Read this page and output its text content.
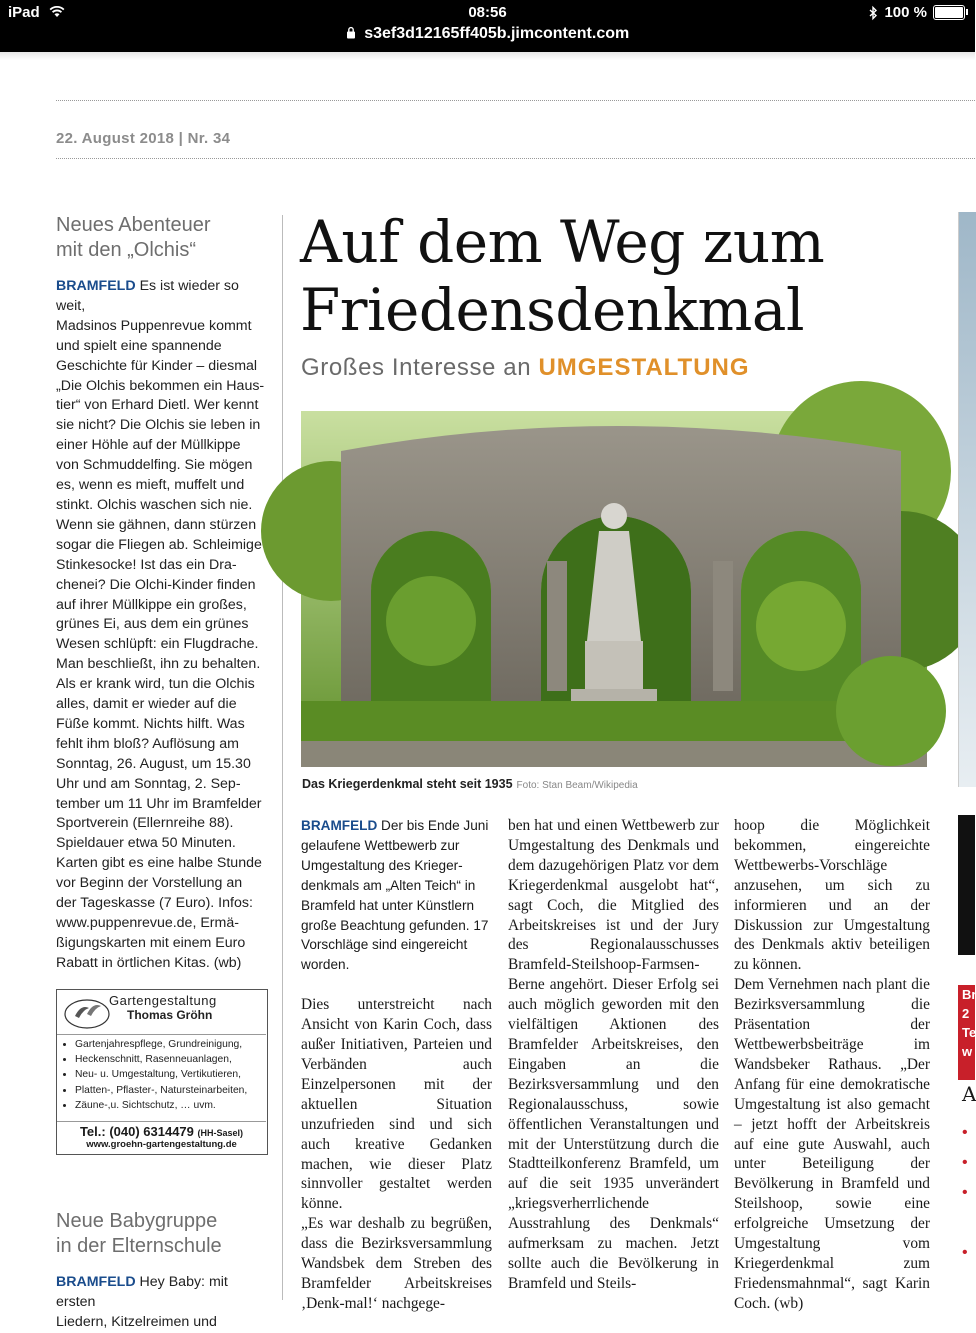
iPad	08:56	100 %
s3ef3d12165ff405b.jimcontent.com
22. August 2018 | Nr. 34
Neues Abenteuer
mit den „Olchis“
BRAMFELD Es ist wieder so weit,
Madsinos Puppenrevue kommt
und spielt eine spannende
Geschichte für Kinder – diesmal
„Die Olchis bekommen ein Haus-
tier“ von Erhard Dietl. Wer kennt
sie nicht? Die Olchis sie leben in
einer Höhle auf der Müllkippe
von Schmuddelfing. Sie mögen
es, wenn es mieft, muffelt und
stinkt. Olchis waschen sich nie.
Wenn sie gähnen, dann stürzen
sogar die Fliegen ab. Schleimige
Stinkesocke! Ist das ein Dra-
chenei? Die Olchi-Kinder finden
auf ihrer Müllkippe ein großes,
grünes Ei, aus dem ein grünes
Wesen schlüpft: ein Flugdrache.
Man beschließt, ihn zu behalten.
Als er krank wird, tun die Olchis
alles, damit er wieder auf die
Füße kommt. Nichts hilft. Was
fehlt ihm bloß? Auflösung am
Sonntag, 26. August, um 15.30
Uhr und am Sonntag, 2. Sep-
tember um 11 Uhr im Bramfelder
Sportverein (Ellernreihe 88).
Spieldauer etwa 50 Minuten.
Karten gibt es eine halbe Stunde
vor Beginn der Vorstellung an
der Tageskasse (7 Euro). Infos:
www.puppenrevue.de, Ermä-
ßigungskarten mit einem Euro
Rabatt in örtlichen Kitas. (wb)

Gartengestaltung
Thomas Gröhn
• Gartenjahrespflege, Grundreinigung,
• Heckenschnitt, Rasenneuanlagen,
• Neu- u. Umgestaltung, Vertikutieren,
• Platten-, Pflaster-, Natursteinarbeiten,
• Zäune-,u. Sichtschutz, … uvm.
Tel.: (040) 6314479 (HH-Sasel)
www.groehn-gartengestaltung.de
Neue Babygruppe
in der Elternschule
BRAMFELD Hey Baby: mit ersten
Liedern, Kitzelreimen und
Auf dem Weg zum
Friedensdenkmal
Großes Interesse an UMGESTALTUNG
Das Kriegerdenkmal steht seit 1935 Foto: Stan Beam/Wikipedia

BRAMFELD Der bis Ende Juni gelaufene Wettbewerb zur Umgestaltung des Krieger-denkmals am „Alten Teich“ in Bramfeld hat unter Künstlern große Beachtung gefunden. 17 Vorschläge sind eingereicht worden.

Dies unterstreicht nach Ansicht von Karin Coch, dass außer Initiativen, Parteien und Verbänden auch Einzelpersonen mit der aktuellen Situation unzufrieden sind und sich auch kreative Gedanken machen, wie dieser Platz sinnvoller gestaltet werden könne.

„Es war deshalb zu begrüßen, dass die Bezirksversammlung Wandsbek dem Streben des Bramfelder Arbeitskreises ‚Denk-mal!‘ nachgege-

ben hat und einen Wettbewerb zur Umgestaltung des Denkmals und dem dazugehörigen Platz vor dem Kriegerdenkmal ausgelobt hat“, sagt Coch, die Mitglied des Arbeitskreises ist und der Jury des Regionalausschusses Bramfeld-Steilshoop-Farmsen-Berne angehört. Dieser Erfolg sei auch möglich geworden mit den vielfältigen Aktionen des Bramfelder Arbeitskreises, den Eingaben an die Bezirksversammlung und den Regionalausschuss, sowie öffentlichen Veranstaltungen und mit der Unterstützung durch die Stadtteilkonferenz Bramfeld, um auf die seit 1935 unverändert „kriegsverherrlichende Ausstrahlung des Denkmals“ aufmerksam zu machen. Jetzt sollte auch die Bevölkerung in Bramfeld und Steils-

hoop die Möglichkeit bekommen, eingereichte Wettbewerbs-Vorschläge anzusehen, um sich zu informieren und an der Diskussion zur Umgestaltung des Denkmals aktiv beteiligen zu können.

Dem Vernehmen nach plant die Bezirksversammlung die Präsentation der Wettbewerbsbeiträge im Wandsbeker Rathaus. „Der Anfang für eine demokratische Umgestaltung ist also gemacht – jetzt hofft der Arbeitskreis auf eine gute Auswahl, auch unter Beteiligung der Bevölkerung in Bramfeld und Steilshoop, sowie eine erfolgreiche Umsetzung der Umgestaltung vom Kriegerdenkmal zum Friedensmahnmal“, sagt Karin Coch. (wb)

Br
2
Te
w
A
•
•
•

•
